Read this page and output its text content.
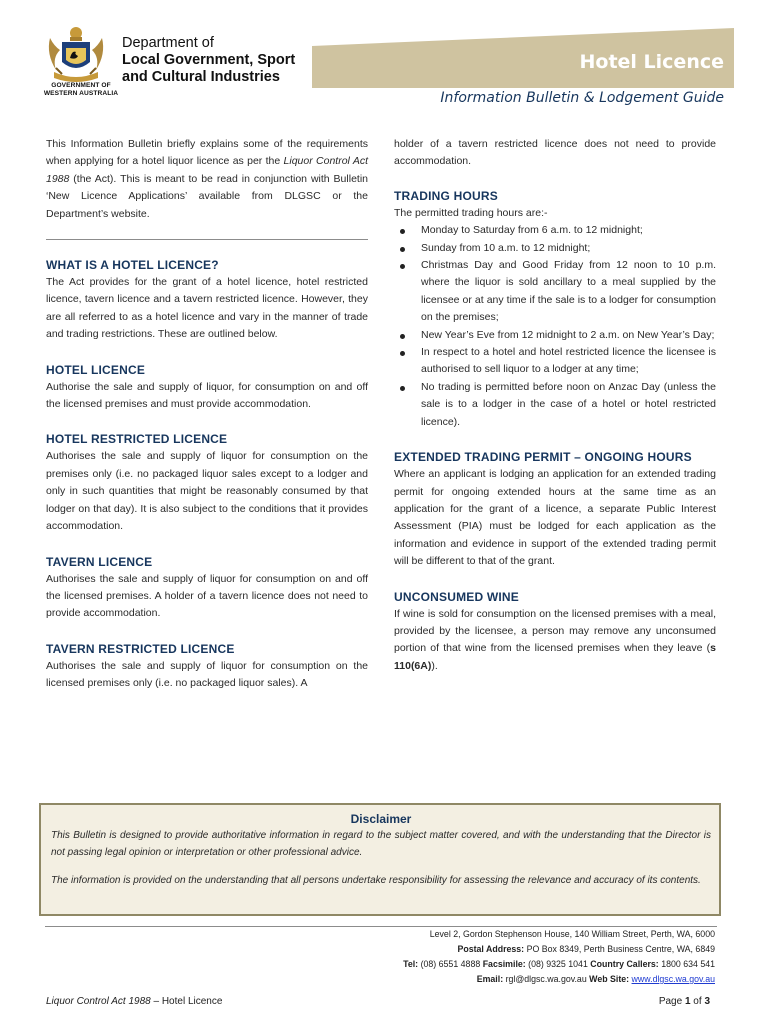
GOVERNMENT OF
WESTERN AUSTRALIA
Department of
Local Government, Sport
and Cultural Industries
Hotel Licence
Information Bulletin & Lodgement Guide

This Information Bulletin briefly explains some of the requirements when applying for a hotel liquor licence as per the Liquor Control Act 1988 (the Act). This is meant to be read in conjunction with Bulletin ‘New Licence Applications’ available from DLGSC or the Department’s website.

WHAT IS A HOTEL LICENCE?

The Act provides for the grant of a hotel licence, hotel restricted licence, tavern licence and a tavern restricted licence. However, they are all referred to as a hotel licence and vary in the manner of trade and trading restrictions. These are outlined below.

HOTEL LICENCE

Authorise the sale and supply of liquor, for consumption on and off the licensed premises and must provide accommodation.

HOTEL RESTRICTED LICENCE

Authorises the sale and supply of liquor for consumption on the premises only (i.e. no packaged liquor sales except to a lodger and only in such quantities that might be reasonably consumed by that lodger on that day). It is also subject to the conditions that it provides accommodation.

TAVERN LICENCE

Authorises the sale and supply of liquor for consumption on and off the licensed premises. A holder of a tavern licence does not need to provide accommodation.

TAVERN RESTRICTED LICENCE

Authorises the sale and supply of liquor for consumption on the licensed premises only (i.e. no packaged liquor sales). A

holder of a tavern restricted licence does not need to provide accommodation.

TRADING HOURS

The permitted trading hours are:-

Monday to Saturday from 6 a.m. to 12 midnight;
Sunday from 10 a.m. to 12 midnight;
Christmas Day and Good Friday from 12 noon to 10 p.m. where the liquor is sold ancillary to a meal supplied by the licensee or at any time if the sale is to a lodger for consumption on the premises;
New Year’s Eve from 12 midnight to 2 a.m. on New Year’s Day;
In respect to a hotel and hotel restricted licence the licensee is authorised to sell liquor to a lodger at any time;
No trading is permitted before noon on Anzac Day (unless the sale is to a lodger in the case of a hotel or hotel restricted licence).
EXTENDED TRADING PERMIT – ONGOING HOURS

Where an applicant is lodging an application for an extended trading permit for ongoing extended hours at the same time as an application for the grant of a licence, a separate Public Interest Assessment (PIA) must be lodged for each application as the information and evidence in support of the extended trading permit will be different to that of the grant.

UNCONSUMED WINE

If wine is sold for consumption on the licensed premises with a meal, provided by the licensee, a person may remove any unconsumed portion of that wine from the licensed premises when they leave (s 110(6A)).

Disclaimer

This Bulletin is designed to provide authoritative information in regard to the subject matter covered, and with the understanding that the Director is not passing legal opinion or interpretation or other professional advice.

The information is provided on the understanding that all persons undertake responsibility for assessing the relevance and accuracy of its contents.

Level 2, Gordon Stephenson House, 140 William Street, Perth, WA, 6000
Postal Address: PO Box 8349, Perth Business Centre, WA, 6849
Tel: (08) 6551 4888 Facsimile: (08) 9325 1041 Country Callers: 1800 634 541
Email: rgl@dlgsc.wa.gov.au Web Site: www.dlgsc.wa.gov.au
Liquor Control Act 1988 – Hotel Licence	Page 1 of 3
